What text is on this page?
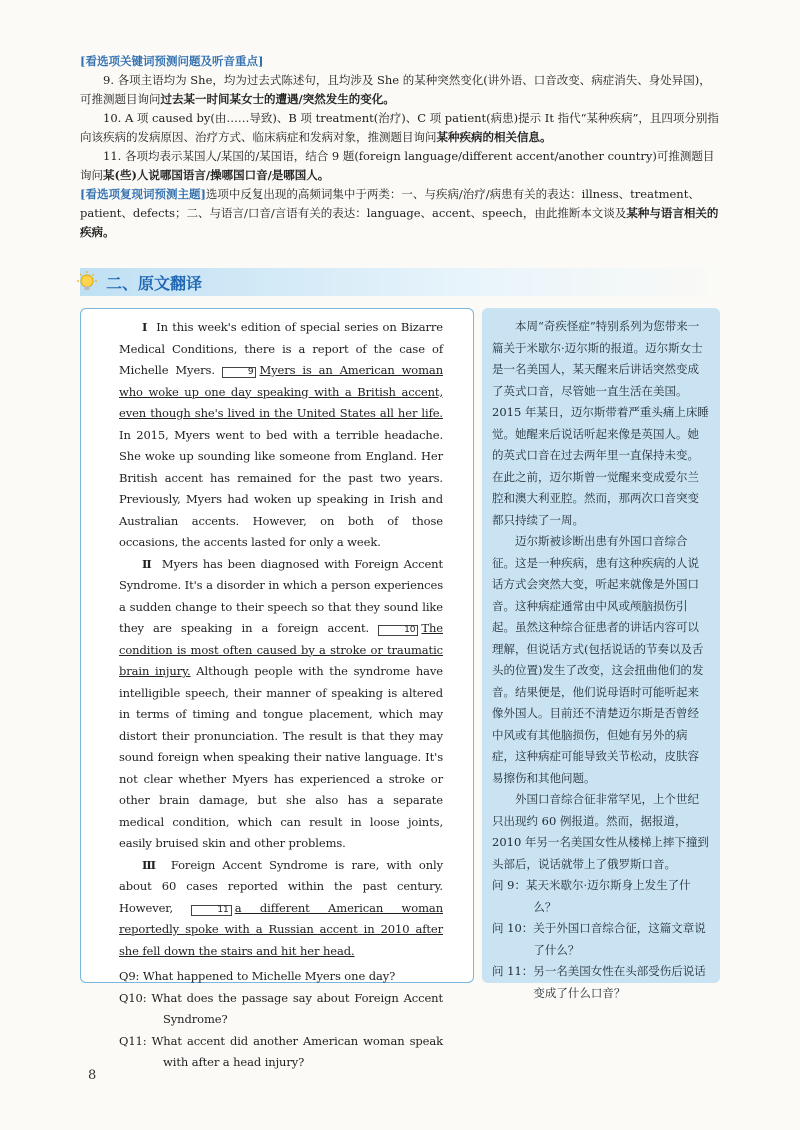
[看选项关键词预测问题及听音重点]

9. 各项主语均为 She，均为过去式陈述句，且均涉及 She 的某种突然变化(讲外语、口音改变、病症消失、身处异国)，可推测题目询问过去某一时间某女士的遭遇/突然发生的变化。

10. A 项 caused by(由……导致)、B 项 treatment(治疗)、C 项 patient(病患)提示 It 指代“某种疾病”，且四项分别指向该疾病的发病原因、治疗方式、临床病症和发病对象，推测题目询问某种疾病的相关信息。

11. 各项均表示某国人/某国的/某国语，结合 9 题(foreign language/different accent/another country)可推测题目询问某(些)人说哪国语言/操哪国口音/是哪国人。

[看选项复现词预测主题]选项中反复出现的高频词集中于两类：一、与疾病/治疗/病患有关的表达：illness、treatment、patient、defects；二、与语言/口音/言语有关的表达：language、accent、speech，由此推断本文谈及某种与语言相关的疾病。

二、原文翻译

Ⅰ In this week's edition of special series on Bizarre Medical Conditions, there is a report of the case of Michelle Myers.	9 Myers is an American woman who woke up one day speaking with a British accent, even though she's lived in the United States all her life. In 2015, Myers went to bed with a terrible headache. She woke up sounding like someone from England. Her British accent has remained for the past two years. Previously, Myers had woken up speaking in Irish and Australian accents. However, on both of those occasions, the accents lasted for only a week.

Ⅱ Myers has been diagnosed with Foreign Accent Syndrome. It's a disorder in which a person experiences a sudden change to their speech so that they sound like they are speaking in a foreign accent.	10 The condition is most often caused by a stroke or traumatic brain injury. Although people with the syndrome have intelligible speech, their manner of speaking is altered in terms of timing and tongue placement, which may distort their pronunciation. The result is that they may sound foreign when speaking their native language. It's not clear whether Myers has experienced a stroke or other brain damage, but she also has a separate medical condition, which can result in loose joints, easily bruised skin and other problems.

Ⅲ Foreign Accent Syndrome is rare, with only about 60 cases reported within the past century. However,	11 a different American woman reportedly spoke with a Russian accent in 2010 after she fell down the stairs and hit her head.

Q9: What happened to Michelle Myers one day?

Q10: What does the passage say about Foreign Accent Syndrome?

Q11: What accent did another American woman speak with after a head injury?

本周“奇疾怪症”特别系列为您带来一篇关于米歇尔·迈尔斯的报道。迈尔斯女士是一名美国人，某天醒来后讲话突然变成了英式口音，尽管她一直生活在美国。2015 年某日，迈尔斯带着严重头痛上床睡觉。她醒来后说话听起来像是英国人。她的英式口音在过去两年里一直保持未变。在此之前，迈尔斯曾一觉醒来变成爱尔兰腔和澳大利亚腔。然而，那两次口音突变都只持续了一周。

迈尔斯被诊断出患有外国口音综合征。这是一种疾病，患有这种疾病的人说话方式会突然大变，听起来就像是外国口音。这种病症通常由中风或颅脑损伤引起。虽然这种综合征患者的讲话内容可以理解，但说话方式(包括说话的节奏以及舌头的位置)发生了改变，这会扭曲他们的发音。结果便是，他们说母语时可能听起来像外国人。目前还不清楚迈尔斯是否曾经中风或有其他脑损伤，但她有另外的病症，这种病症可能导致关节松动，皮肤容易擦伤和其他问题。

外国口音综合征非常罕见，上个世纪只出现约 60 例报道。然而，据报道，2010 年另一名美国女性从楼梯上摔下撞到头部后，说话就带上了俄罗斯口音。

问 9：某天米歇尔·迈尔斯身上发生了什么？

问 10：关于外国口音综合征，这篇文章说了什么？

问 11：另一名美国女性在头部受伤后说话变成了什么口音？

8
